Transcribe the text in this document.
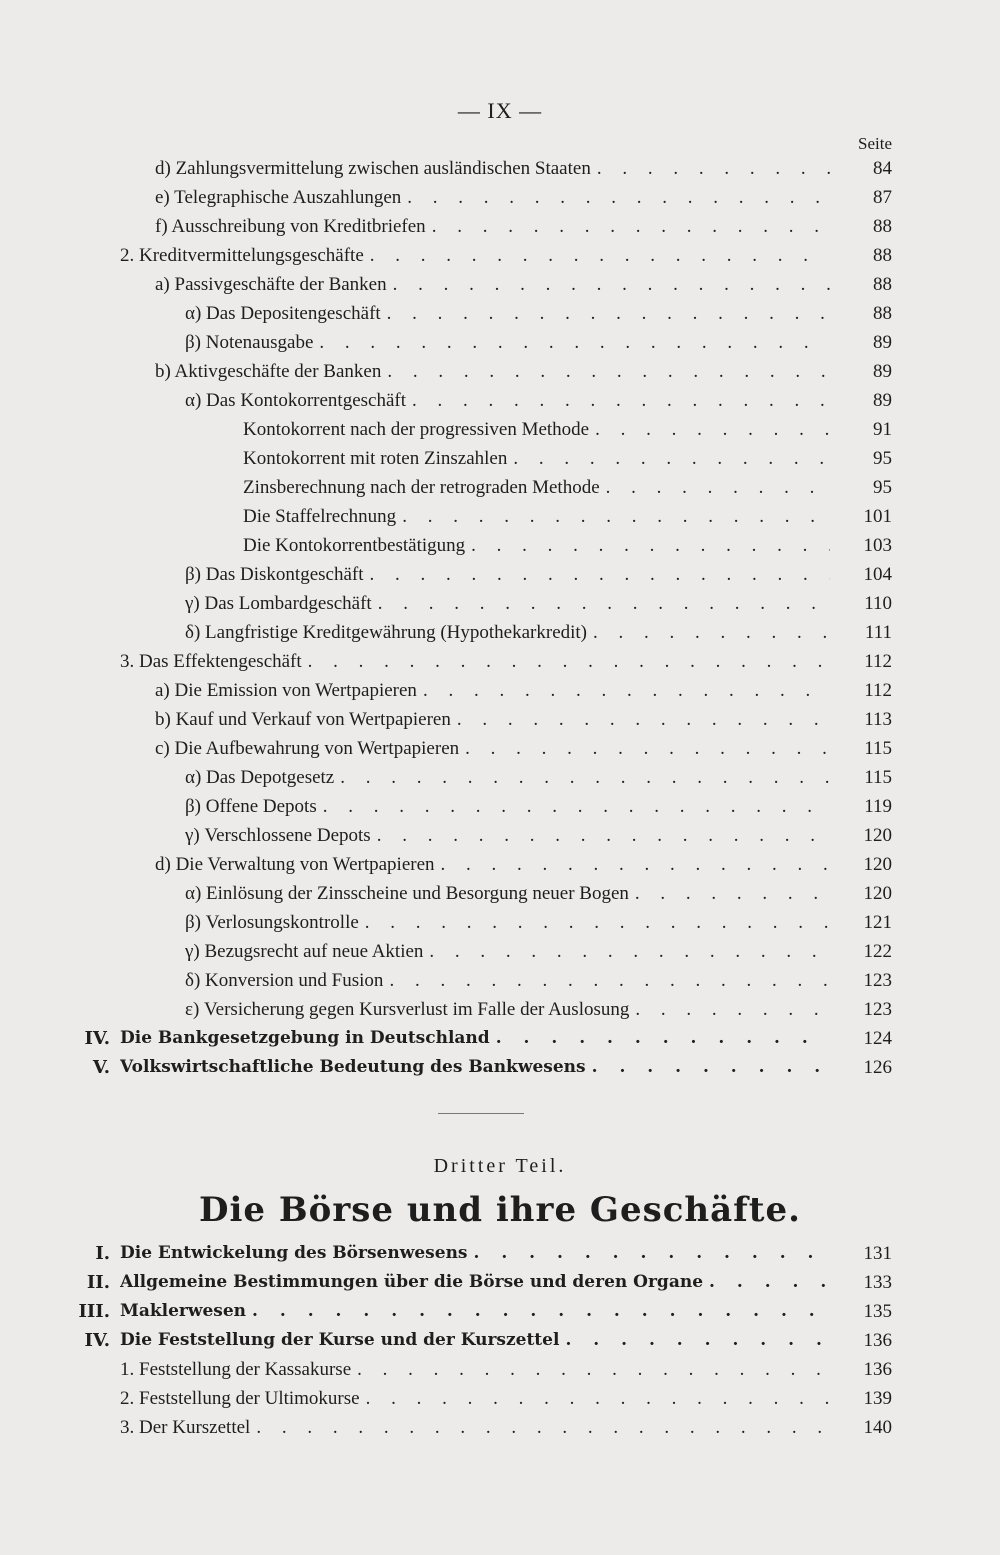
— IX —
Seite
d) Zahlungsvermittelung zwischen ausländischen Staaten . . .	84
e) Telegraphische Auszahlungen . . .	87
f) Ausschreibung von Kreditbriefen . . .	88
2. Kreditvermittelungsgeschäfte . . .	88
a) Passivgeschäfte der Banken . . .	88
α) Das Depositengeschäft . . .	88
β) Notenausgabe . . .	89
b) Aktivgeschäfte der Banken . . .	89
α) Das Kontokorrentgeschäft . . .	89
Kontokorrent nach der progressiven Methode . . .	91
Kontokorrent mit roten Zinszahlen . . .	95
Zinsberechnung nach der retrograden Methode . . .	95
Die Staffelrechnung . . .	101
Die Kontokorrentbestätigung . . .	103
β) Das Diskontgeschäft . . .	104
γ) Das Lombardgeschäft . . .	110
δ) Langfristige Kreditgewährung (Hypothekarkredit) . . .	111
3. Das Effektengeschäft . . .	112
a) Die Emission von Wertpapieren . . .	112
b) Kauf und Verkauf von Wertpapieren . . .	113
c) Die Aufbewahrung von Wertpapieren . . .	115
α) Das Depotgesetz . . .	115
β) Offene Depots . . .	119
γ) Verschlossene Depots . . .	120
d) Die Verwaltung von Wertpapieren . . .	120
α) Einlösung der Zinsscheine und Besorgung neuer Bogen . . .	120
β) Verlosungskontrolle . . .	121
γ) Bezugsrecht auf neue Aktien . . .	122
δ) Konversion und Fusion . . .	123
ε) Versicherung gegen Kursverlust im Falle der Auslosung . . .	123
IV. Die Bankgesetzgebung in Deutschland . . .	124
V. Volkswirtschaftliche Bedeutung des Bankwesens . . .	126
Dritter Teil.
Die Börse und ihre Geschäfte.
I. Die Entwickelung des Börsenwesens . . .	131
II. Allgemeine Bestimmungen über die Börse und deren Organe . . .	133
III. Maklerwesen . . .	135
IV. Die Feststellung der Kurse und der Kurszettel . . .	136
1. Feststellung der Kassakurse . . .	136
2. Feststellung der Ultimokurse . . .	139
3. Der Kurszettel . . .	140
